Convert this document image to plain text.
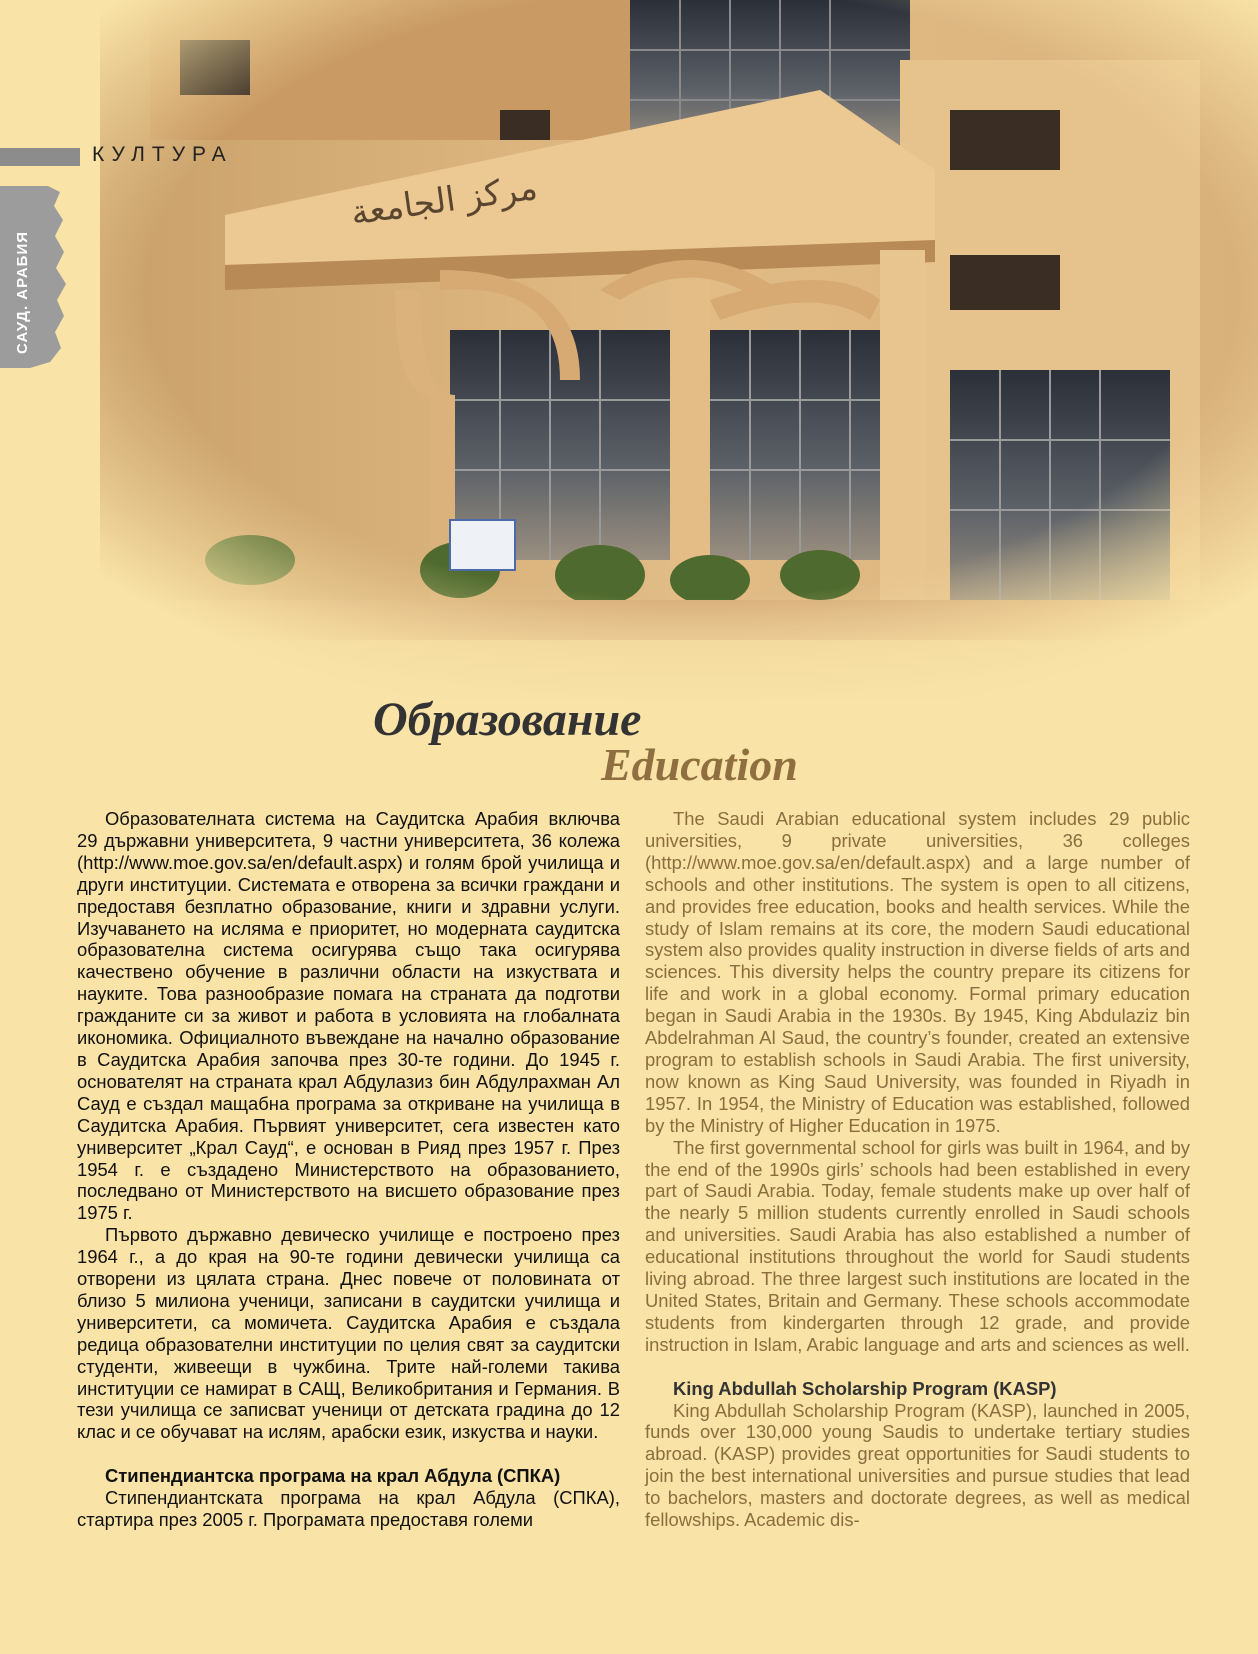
КУЛТУРА
САУД. АРАБИЯ
Образование
Education

Образователната система на Саудитска Арабия включва 29 държавни университета, 9 частни университета, 36 колежа (http://www.moe.gov.sa/en/default.aspx) и голям брой училища и други институции. Системата е отворена за всички граждани и предоставя безплатно образование, книги и здравни услуги. Изучаването на исляма е приоритет, но модерната саудитска образователна система осигурява също така осигурява качествено обучение в различни области на изкуствата и науките. Това разнообразие помага на страната да подготви гражданите си за живот и работа в условията на глобалната икономика. Официалното въвеждане на начално образование в Саудитска Арабия започва през 30-те години. До 1945 г. основателят на страната крал Абдулазиз бин Абдулрахман Ал Сауд е създал мащабна програма за откриване на училища в Саудитска Арабия. Първият университет, сега известен като университет „Крал Сауд“, е основан в Рияд през 1957 г. През 1954 г. е създадено Министерството на образованието, последвано от Министерството на висшето образование през 1975 г.

Първото държавно девическо училище е построено през 1964 г., а до края на 90-те години девически училища са отворени из цялата страна. Днес повече от половината от близо 5 милиона ученици, записани в саудитски училища и университети, са момичета. Саудитска Арабия е създала редица образователни институции по целия свят за саудитски студенти, живеещи в чужбина. Трите най-големи такива институции се намират в САЩ, Великобритания и Германия. В тези училища се записват ученици от детската градина до 12 клас и се обучават на ислям, арабски език, изкуства и науки.

Стипендиантска програма на крал Абдула (СПКА)

Стипендиантската програма на крал Абдула (СПКА), стартира през 2005 г. Програмата предоставя големи

The Saudi Arabian educational system includes 29 public universities, 9 private universities, 36 colleges (http://www.moe.gov.sa/en/default.aspx) and a large number of schools and other institutions. The system is open to all citizens, and provides free education, books and health services. While the study of Islam remains at its core, the modern Saudi educational system also provides quality instruction in diverse fields of arts and sciences. This diversity helps the country prepare its citizens for life and work in a global economy. Formal primary education began in Saudi Arabia in the 1930s. By 1945, King Abdulaziz bin Abdelrahman Al Saud, the country’s founder, created an extensive program to establish schools in Saudi Arabia. The first university, now known as King Saud University, was founded in Riyadh in 1957. In 1954, the Ministry of Education was established, followed by the Ministry of Higher Education in 1975.

The first governmental school for girls was built in 1964, and by the end of the 1990s girls’ schools had been established in every part of Saudi Arabia. Today, female students make up over half of the nearly 5 million students currently enrolled in Saudi schools and universities. Saudi Arabia has also established a number of educational institutions throughout the world for Saudi students living abroad. The three largest such institutions are located in the United States, Britain and Germany. These schools accommodate students from kindergarten through 12 grade, and provide instruction in Islam, Arabic language and arts and sciences as well.

King Abdullah Scholarship Program (KASP)

King Abdullah Scholarship Program (KASP), launched in 2005, funds over 130,000 young Saudis to undertake tertiary studies abroad. (KASP) provides great opportunities for Saudi students to join the best international universities and pursue studies that lead to bachelors, masters and doctorate degrees, as well as medical fellowships. Academic dis-
